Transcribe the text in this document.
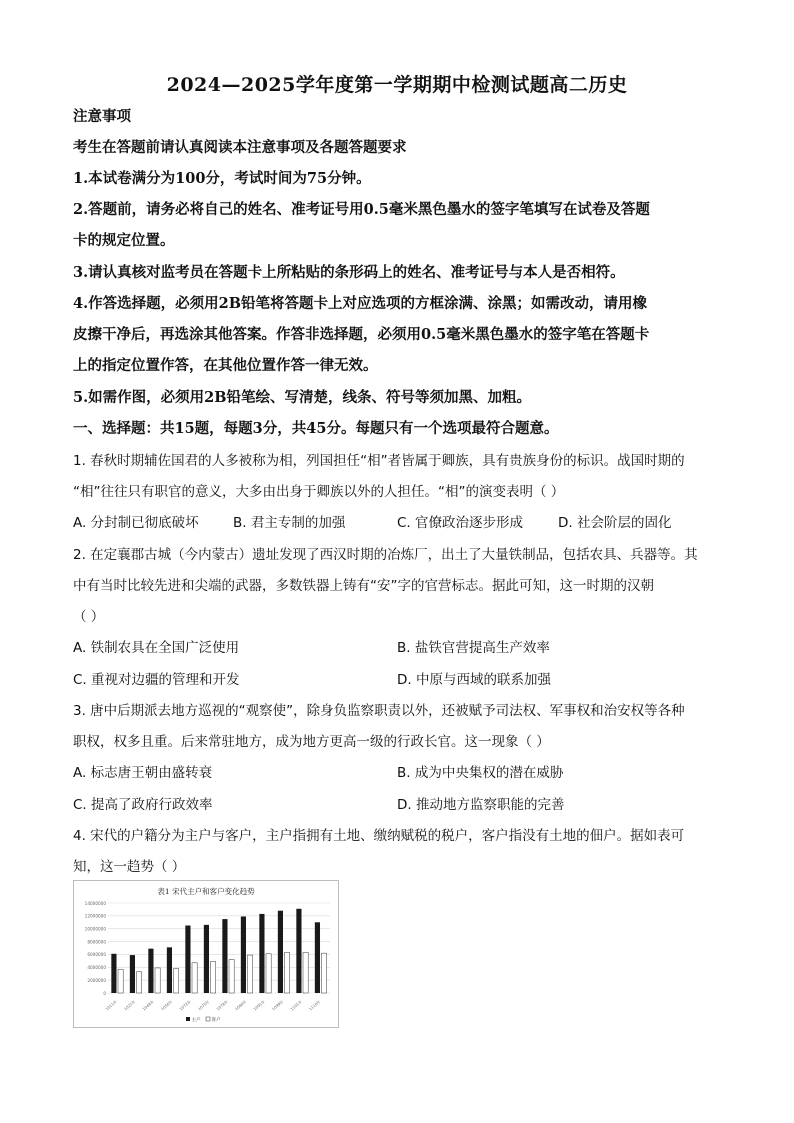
2024—2025学年度第一学期期中检测试题高二历史
注意事项
考生在答题前请认真阅读本注意事项及各题答题要求
1.本试卷满分为100分，考试时间为75分钟。
2.答题前，请务必将自己的姓名、准考证号用0.5毫米黑色墨水的签字笔填写在试卷及答题
卡的规定位置。
3.请认真核对监考员在答题卡上所粘贴的条形码上的姓名、准考证号与本人是否相符。
4.作答选择题，必须用2B铅笔将答题卡上对应选项的方框涂满、涂黑；如需改动，请用橡
皮擦干净后，再选涂其他答案。作答非选择题，必须用0.5毫米黑色墨水的签字笔在答题卡
上的指定位置作答，在其他位置作答一律无效。
5.如需作图，必须用2B铅笔绘、写清楚，线条、符号等须加黑、加粗。
一、选择题：共15题，每题3分，共45分。每题只有一个选项最符合题意。
1. 春秋时期辅佐国君的人多被称为相，列国担任“相”者皆属于卿族，具有贵族身份的标识。战国时期的
“相”往往只有职官的意义，大多由出身于卿族以外的人担任。“相”的演变表明（ ）
A. 分封制已彻底破坏	B. 君主专制的加强	C. 官僚政治逐步形成	D. 社会阶层的固化
2. 在定襄郡古城（今内蒙古）遗址发现了西汉时期的冶炼厂，出土了大量铁制品，包括农具、兵器等。其
中有当时比较先进和尖端的武器，多数铁器上铸有“安”字的官营标志。据此可知，这一时期的汉朝
（ ）
A. 铁制农具在全国广泛使用	B. 盐铁官营提高生产效率
C. 重视对边疆的管理和开发	D. 中原与西域的联系加强
3. 唐中后期派去地方巡视的“观察使”，除身负监察职责以外，还被赋予司法权、军事权和治安权等各种
职权，权多且重。后来常驻地方，成为地方更高一级的行政长官。这一现象（ ）
A. 标志唐王朝由盛转衰	B. 成为中央集权的潜在威胁
C. 提高了政府行政效率	D. 推动地方监察职能的完善
4. 宋代的户籍分为主户与客户，主户指拥有土地、缴纳赋税的税户，客户指没有土地的佃户。据如表可
知，这一趋势（ ）
表1 宋代主户和客户变化趋势
0
2000000
4000000
6000000
8000000
10000000
12000000
14000000
1011年 1021年 1048年 1056年 1072年 1075年 1078年 1080年 1091年 1099年 1101年 1110年
主户 客户
